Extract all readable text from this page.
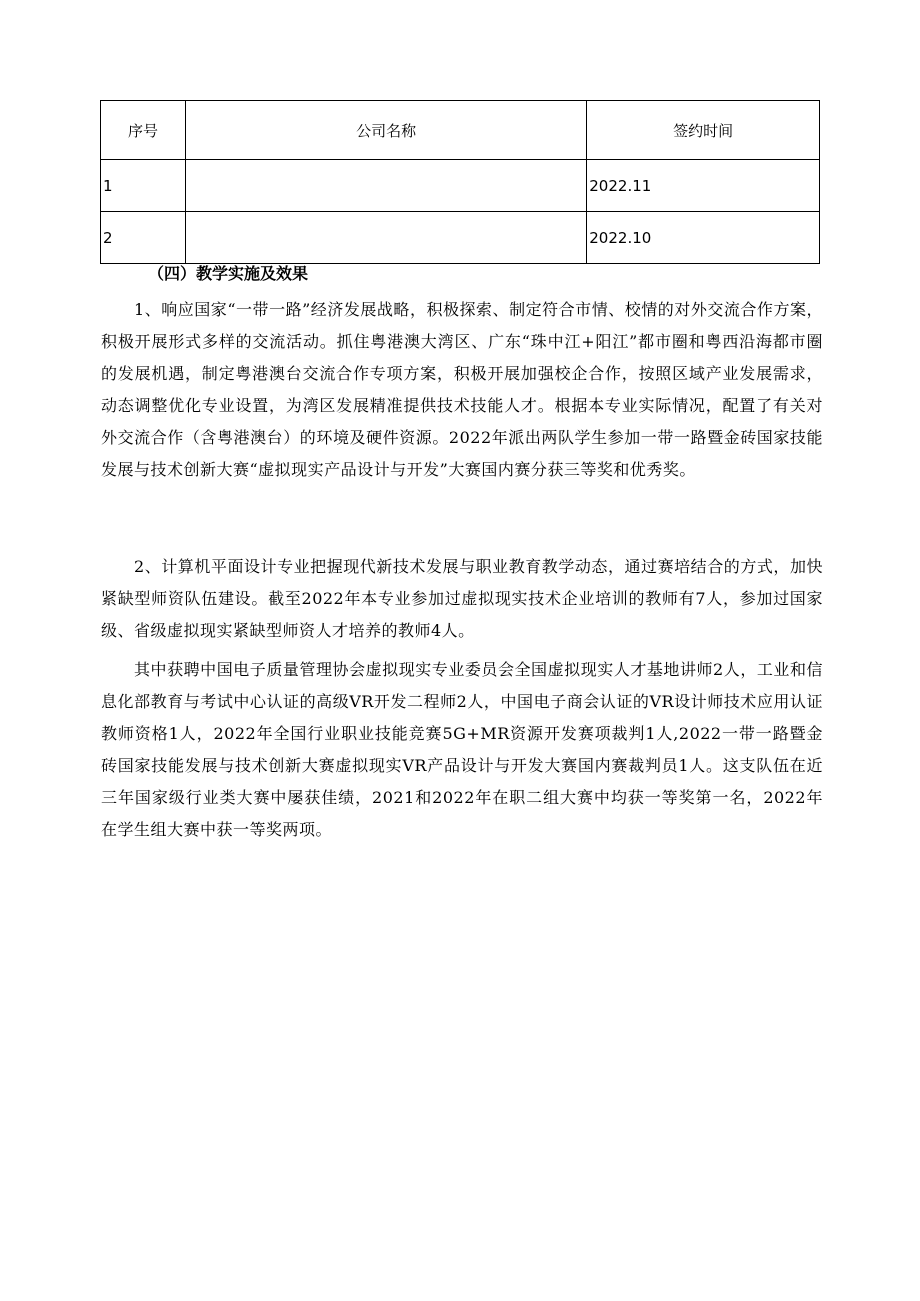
序号	公司名称	签约时间
1		2022.11
2		2022.10
（四）教学实施及效果

1、响应国家“一带一路”经济发展战略，积极探索、制定符合市情、校情的对外交流合作方案，积极开展形式多样的交流活动。抓住粤港澳大湾区、广东“珠中江+阳江”都市圈和粤西沿海都市圈的发展机遇，制定粤港澳台交流合作专项方案，积极开展加强校企合作，按照区域产业发展需求，动态调整优化专业设置，为湾区发展精准提供技术技能人才。根据本专业实际情况，配置了有关对外交流合作（含粤港澳台）的环境及硬件资源。2022年派出两队学生参加一带一路暨金砖国家技能发展与技术创新大赛“虚拟现实产品设计与开发”大赛国内赛分获三等奖和优秀奖。

2、计算机平面设计专业把握现代新技术发展与职业教育教学动态，通过赛培结合的方式，加快紧缺型师资队伍建设。截至2022年本专业参加过虚拟现实技术企业培训的教师有7人，参加过国家级、省级虚拟现实紧缺型师资人才培养的教师4人。

其中获聘中国电子质量管理协会虚拟现实专业委员会全国虚拟现实人才基地讲师2人，工业和信息化部教育与考试中心认证的高级VR开发二程师2人，中国电子商会认证的VR设计师技术应用认证教师资格1人，2022年全国行业职业技能竞赛5G+MR资源开发赛项裁判1人,2022一带一路暨金砖国家技能发展与技术创新大赛虚拟现实VR产品设计与开发大赛国内赛裁判员1人。这支队伍在近三年国家级行业类大赛中屡获佳绩，2021和2022年在职二组大赛中均获一等奖第一名，2022年在学生组大赛中获一等奖两项。
